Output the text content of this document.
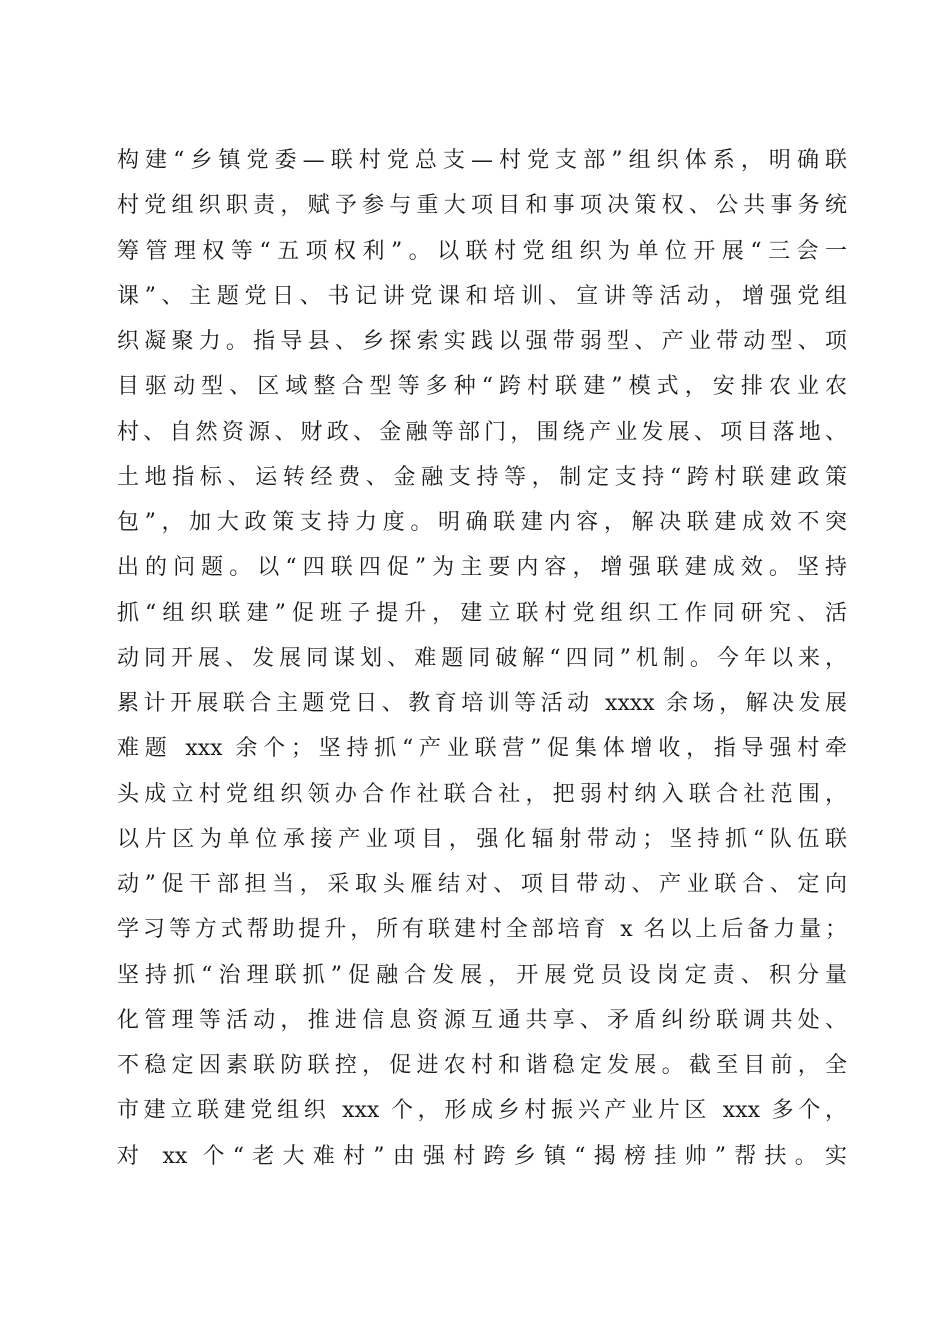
构建“乡镇党委—联村党总支—村党支部”组织体系，明确联
村党组织职责，赋予参与重大项目和事项决策权、公共事务统
筹管理权等“五项权利”。以联村党组织为单位开展“三会一
课”、主题党日、书记讲党课和培训、宣讲等活动，增强党组
织凝聚力。指导县、乡探索实践以强带弱型、产业带动型、项
目驱动型、区域整合型等多种“跨村联建”模式，安排农业农
村、自然资源、财政、金融等部门，围绕产业发展、项目落地、
土地指标、运转经费、金融支持等，制定支持“跨村联建政策
包”，加大政策支持力度。明确联建内容，解决联建成效不突
出的问题。以“四联四促”为主要内容，增强联建成效。坚持
抓“组织联建”促班子提升，建立联村党组织工作同研究、活
动同开展、发展同谋划、难题同破解“四同”机制。今年以来，
累计开展联合主题党日、教育培训等活动 xxxx 余场，解决发展
难题 xxx 余个；坚持抓“产业联营”促集体增收，指导强村牵
头成立村党组织领办合作社联合社，把弱村纳入联合社范围，
以片区为单位承接产业项目，强化辐射带动；坚持抓“队伍联
动”促干部担当，采取头雁结对、项目带动、产业联合、定向
学习等方式帮助提升，所有联建村全部培育 x 名以上后备力量；
坚持抓“治理联抓”促融合发展，开展党员设岗定责、积分量
化管理等活动，推进信息资源互通共享、矛盾纠纷联调共处、
不稳定因素联防联控，促进农村和谐稳定发展。截至目前，全
市建立联建党组织 xxx 个，形成乡村振兴产业片区 xxx 多个，
对 xx 个“老大难村”由强村跨乡镇“揭榜挂帅”帮扶。实
